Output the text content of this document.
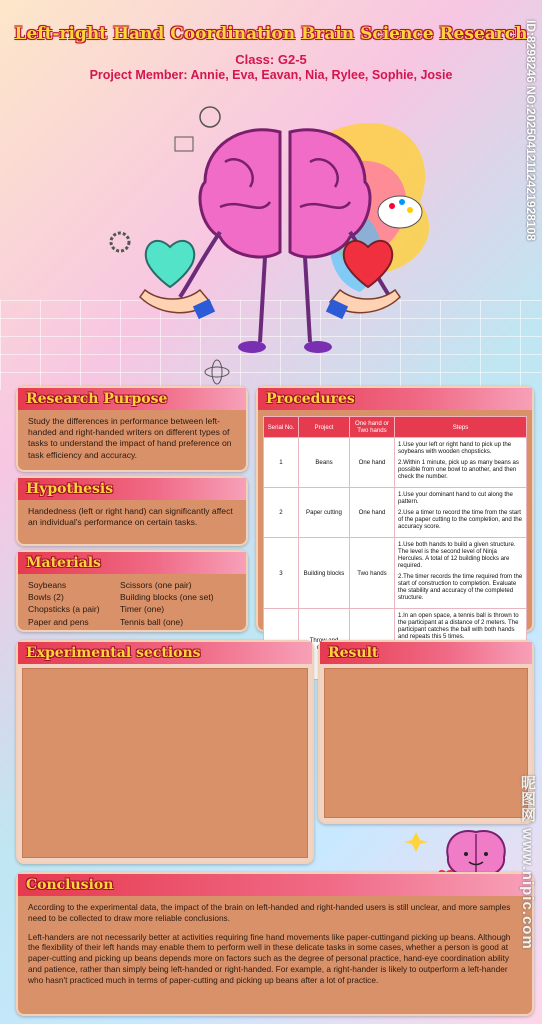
Left-right Hand Coordination Brain Science Research
Class: G2-5
Project Member: Annie, Eva, Eavan, Nia, Rylee, Sophie, Josie	ID:8298246 NO:20250412112421928108
Research Purpose
Study the differences in performance between left-handed and right-handed writers on different types of tasks to understand the impact of hand preference on task efficiency and accuracy.
Hypothesis
Handedness (left or right hand) can significantly affect an individual's performance on certain tasks.
Materials
Soybeans	Scissors (one pair)
Bowls (2)	Building blocks (one set)
Chopsticks (a pair)	Timer (one)
Paper and pens	Tennis ball (one)
Procedures
Serial No.	Project	One hand or Two hands	Steps
1	Beans	One hand	1.Use your left or right hand to pick up the soybeans with wooden chopsticks.

2.Within 1 minute, pick up as many beans as possible from one bowl to another, and then check the number.

2	Paper cutting	One hand	1.Use your dominant hand to cut along the pattern.

2.Use a timer to record the time from the start of the paper cutting to the completion, and the accuracy score.

3	Building blocks	Two hands	1.Use both hands to build a given structure. The level is the second level of Ninja Hercules. A total of 12 building blocks are required.

2.The timer records the time required from the start of construction to completion. Evaluate the stability and accuracy of the completed structure.

	Throw		1.In an open space, a tennis ball is thrown to the participant at a distance of 2 meters. The participant catches the ball with both hands and repeats this 5 times.

Experimental sections	Result
Conclusion

According to the experimental data, the impact of the brain on left-handed and right-handed users is still unclear, and more samples need to be collected to draw more reliable conclusions.

Left-handers are not necessarily better at activities requiring fine hand movements like paper-cuttingand picking up beans. Although the flexibility of their left hands may enable them to perform well in these delicate tasks in some cases, whether a person is good at paper-cutting and picking up beans depends more on factors such as the degree of personal practice, hand-eye coordination ability and patience, rather than simply being left-handed or right-handed. For example, a right-hander is likely to outperform a left-hander who hasn't practiced much in terms of paper-cutting and picking up beans after a lot of practice.

昵图网 www.nipic.com
